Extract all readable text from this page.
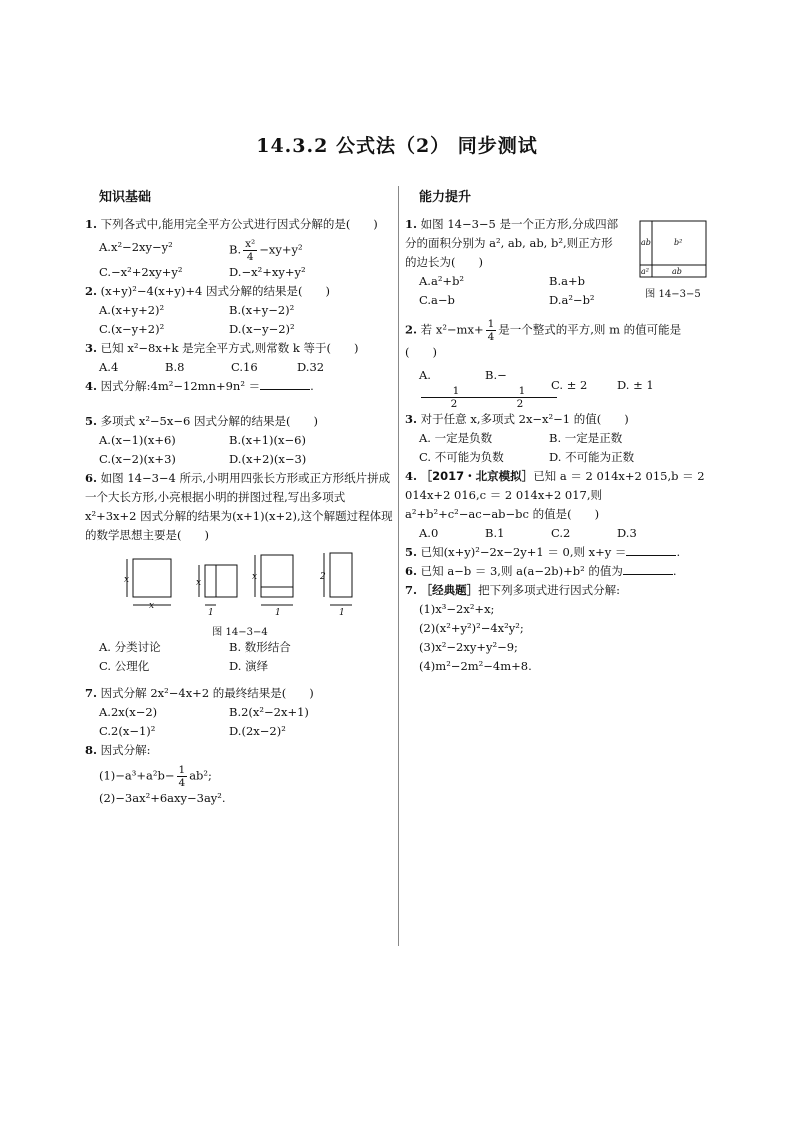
14.3.2 公式法（2） 同步测试
知识基础
1. 下列各式中,能用完全平方公式进行因式分解的是(　　)
A.x²−2xy−y²	B. $\frac{\text{x²}}{4} -xy+y^2$
C.−x²+2xy+y²	D.−x²+xy+y²
2. (x+y)²−4(x+y)+4 因式分解的结果是(　　)
A.(x+y+2)²	B.(x+y−2)²
C.(x−y+2)²	D.(x−y−2)²
3. 已知 x²−8x+k 是完全平方式,则常数 k 等于(　　)
A.4	B.8	C.16	D.32
4. 因式分解:4m²−12mn+9n² ＝	.
5. 多项式 x²−5x−6 因式分解的结果是(　　)
A.(x−1)(x+6)	B.(x+1)(x−6)
C.(x−2)(x+3)	D.(x+2)(x−3)
6. 如图 14−3−4 所示,小明用四张长方形或正方形纸片拼成一个大长方形,小亮根据小明的拼图过程,写出多项式 x²+3x+2 因式分解的结果为(x+1)(x+2),这个解题过程体现的数学思想主要是(　　)
x
x
x
1
x
1
2
1
图 14−3−4
A. 分类讨论	B. 数形结合
C. 公理化	D. 演绎
7. 因式分解 2x²−4x+2 的最终结果是(　　)
A.2x(x−2)	B.2(x²−2x+1)
C.2(x−1)²	D.(2x−2)²
8. 因式分解:
$(1)-a^3+a^2b- \frac{1}{4} ab^2$;
(2)−3ax²+6axy−3ay².
能力提升
1. 如图 14−3−5 是一个正方形,分成四部分的面积分别为 a², ab, ab, b²,则正方形的边长为(　　)
A.a²+b²	B.a+b
C.a−b	D.a²−b²
ab	b²
a²	ab
图 14−3−5
2. 若 $x^2-mx+ \frac{1}{4}$ 是一个整式的平方,则 m 的值可能是(　　)
A.
$\frac{1}{2}$
B.−
$\frac{1}{2}$
C. ± 2	D. ± 1
3. 对于任意 x,多项式 2x−x²−1 的值(　　)
A. 一定是负数	B. 一定是正数
C. 不可能为负数	D. 不可能为正数
4. ［2017・北京模拟］已知 a ＝ 2 014x+2 015,b ＝ 2 014x+2 016,c ＝ 2 014x+2 017,则 a²+b²+c²−ac−ab−bc 的值是(　　)
A.0	B.1	C.2	D.3
5. 已知(x+y)²−2x−2y+1 ＝ 0,则 x+y ＝	.
6. 已知 a−b ＝ 3,则 a(a−2b)+b² 的值为	.
7. ［经典题］把下列多项式进行因式分解:
(1)x³−2x²+x;
(2)(x²+y²)²−4x²y²;
(3)x²−2xy+y²−9;
(4)m²−2m²−4m+8.
